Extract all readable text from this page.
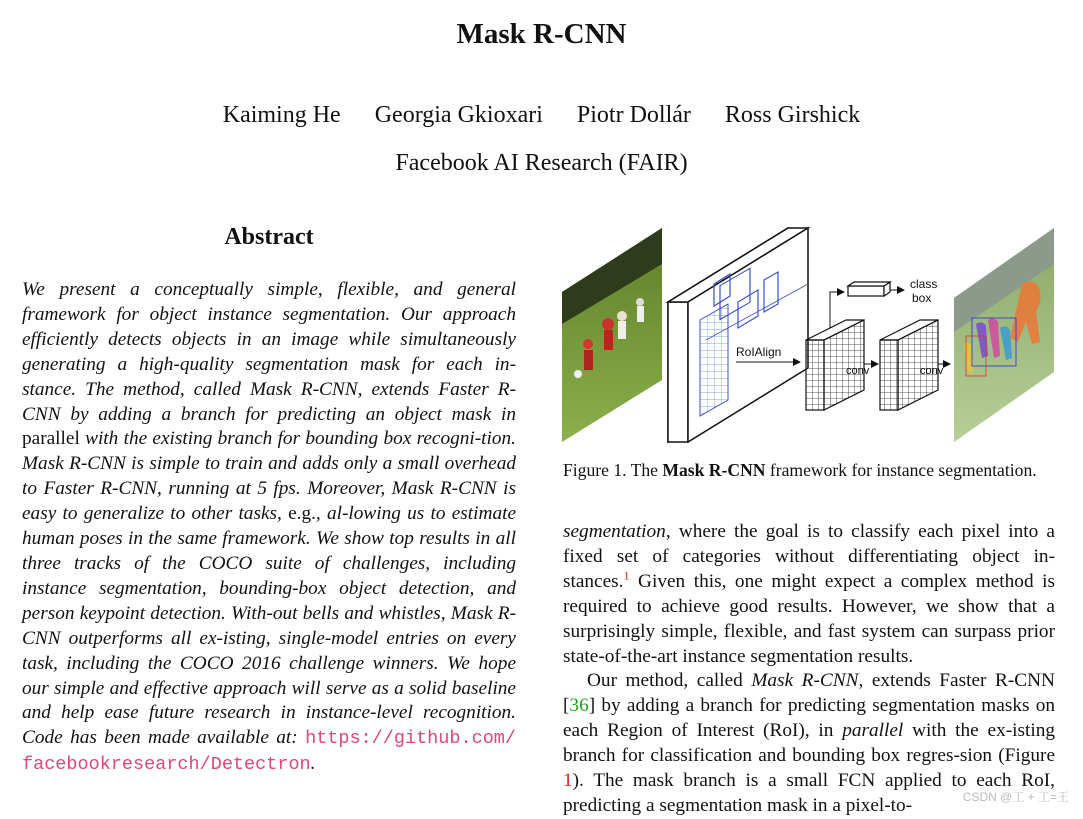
Mask R-CNN
Kaiming He Georgia Gkioxari Piotr Dollár Ross Girshick
Facebook AI Research (FAIR)
Abstract
We present a conceptually simple, flexible, and general framework for object instance segmentation. Our approach efficiently detects objects in an image while simultaneously generating a high-quality segmentation mask for each in-stance. The method, called Mask R-CNN, extends Faster R-CNN by adding a branch for predicting an object mask in parallel with the existing branch for bounding box recogni-tion. Mask R-CNN is simple to train and adds only a small overhead to Faster R-CNN, running at 5 fps. Moreover, Mask R-CNN is easy to generalize to other tasks, e.g., al-lowing us to estimate human poses in the same framework. We show top results in all three tracks of the COCO suite of challenges, including instance segmentation, bounding-box object detection, and person keypoint detection. With-out bells and whistles, Mask R-CNN outperforms all ex-isting, single-model entries on every task, including the COCO 2016 challenge winners. We hope our simple and effective approach will serve as a solid baseline and help ease future research in instance-level recognition. Code has been made available at: https://github.com/ facebookresearch/Detectron.
RoIAlign
conv	conv
class
box
Figure 1. The Mask R-CNN framework for instance segmentation.

segmentation, where the goal is to classify each pixel into a fixed set of categories without differentiating object in-stances.$^1$ Given this, one might expect a complex method is required to achieve good results. However, we show that a surprisingly simple, flexible, and fast system can surpass prior state-of-the-art instance segmentation results.

Our method, called Mask R-CNN, extends Faster R-CNN [36] by adding a branch for predicting segmentation masks on each Region of Interest (RoI), in parallel with the ex-isting branch for classification and bounding box regres-sion (Figure 1). The mask branch is a small FCN applied to each RoI, predicting a segmentation mask in a pixel-to-	CSDN @工 + 工=王
